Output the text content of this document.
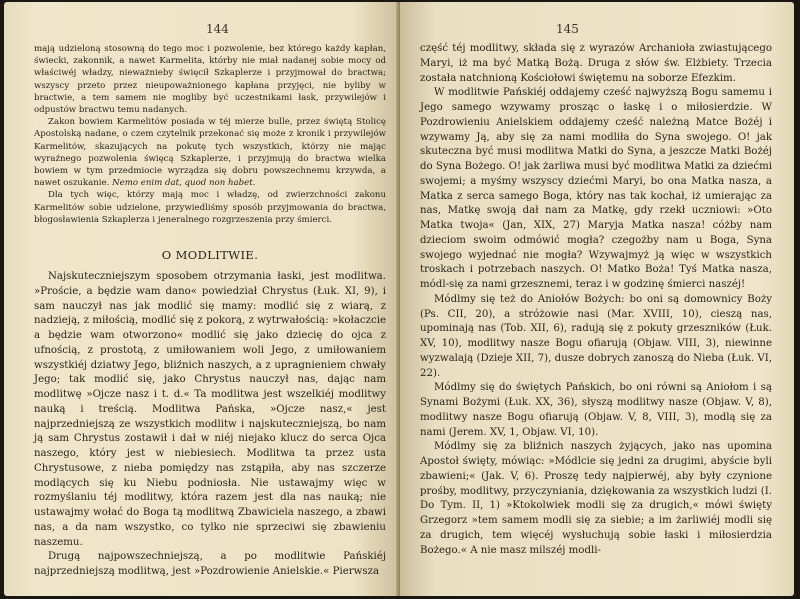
144

mają udzieloną stosowną do tego moc i pozwolenie, bez którego każdy kapłan, świecki, zakonnik, a nawet Karmelita, którby nie miał nadanej sobie mocy od właściwéj władzy, nieważnieby święcił Szkaplerze i przyjmował do bractwa; wszyscy przeto przez nieupoważnionego kapłana przyjęci, nie byliby w bractwie, a tem samem nie mogliby być uczestnikami łask, przywilejów i odpustów bractwu temu nadanych.

Zakon bowiem Karmelitów posiada w téj mierze bulle, przez świętą Stolicę Apostolską nadane, o czem czytelnik przekonać się może z kronik i przywilejów Karmelitów, skazujących na pokutę tych wszystkich, którzy nie mając wyraźnego pozwolenia święcą Szkaplerze, i przyjmują do bractwa wielka bowiem w tym przedmiocie wyrządza się dobru powszechnemu krzywda, a nawet oszukanie. Nemo enim dat, quod non habet.

Dla tych więc, którzy mają moc i władzę, od zwierzchności zakonu Karmelitów sobie udzielone, przywiedliśmy sposób przyjmowania do bractwa, błogosławienia Szkaplerza i jeneralnego rozgrzeszenia przy śmierci.

O MODLITWIE.

Najskuteczniejszym sposobem otrzymania łaski, jest modlitwa. »Proście, a będzie wam dano« powiedział Chrystus (Łuk. XI, 9), i sam nauczył nas jak modlić się mamy: modlić się z wiarą, z nadzieją, z miłością, modlić się z pokorą, z wytrwałością: »kołaczcie a będzie wam otworzono« modlić się jako dziecię do ojca z ufnością, z prostotą, z umiłowaniem woli Jego, z umiłowaniem wszystkiéj dziatwy Jego, bliźnich naszych, a z upragnieniem chwały Jego; tak modlić się, jako Chrystus nauczył nas, dając nam modlitwę »Ojcze nasz i t. d.« Ta modlitwa jest wszelkiéj modlitwy nauką i treścią. Modlitwa Pańska, »Ojcze nasz,« jest najprzedniejszą ze wszystkich modlitw i najskuteczniejszą, bo nam ją sam Chrystus zostawił i dał w niéj niejako klucz do serca Ojca naszego, który jest w niebiesiech. Modlitwa ta przez usta Chrystusowe, z nieba pomiędzy nas zstąpiła, aby nas szczerze modlących się ku Niebu podniosła. Nie ustawajmy więc w rozmyślaniu téj modlitwy, która razem jest dla nas nauką; nie ustawajmy wołać do Boga tą modlitwą Zbawiciela naszego, a zbawi nas, a da nam wszystko, co tylko nie sprzeciwi się zbawieniu naszemu.

Drugą najpowszechniejszą, a po modlitwie Pańskiéj najprzedniejszą modlitwą, jest »Pozdrowienie Anielskie.« Pierwsza

145

część téj modlitwy, składa się z wyrazów Archanioła zwiastującego Maryi, iż ma być Matką Bożą. Druga z słów św. Elżbiety. Trzecia została natchnioną Kościołowi świętemu na soborze Efezkim.

W modlitwie Pańskiéj oddajemy cześć najwyższą Bogu samemu i Jego samego wzywamy prosząc o łaskę i o miłosierdzie. W Pozdrowieniu Anielskiem oddajemy cześć należną Matce Bożéj i wzywamy Ją, aby się za nami modliła do Syna swojego. O! jak skuteczna być musi modlitwa Matki do Syna, a jeszcze Matki Bożéj do Syna Bożego. O! jak żarliwa musi być modlitwa Matki za dziećmi swojemi; a myśmy wszyscy dziećmi Maryi, bo ona Matka nasza, a Matka z serca samego Boga, który nas tak kochał, iż umierając za nas, Matkę swoją dał nam za Matkę, gdy rzekł uczniowi: »Oto Matka twoja« (Jan, XIX, 27) Maryja Matka nasza! cóżby nam dzieciom swoim odmówić mogła? czegożby nam u Boga, Syna swojego wyjednać nie mogła? Wzywajmyż ją więc w wszystkich troskach i potrzebach naszych. O! Matko Boża! Tyś Matka nasza, módl-się za nami grzesznemi, teraz i w godzinę śmierci naszéj!

Módlmy się też do Aniołów Bożych: bo oni są domownicy Boży (Ps. CII, 20), a stróżowie nasi (Mar. XVIII, 10), cieszą nas, upominają nas (Tob. XII, 6), radują się z pokuty grzeszników (Łuk. XV, 10), modlitwy nasze Bogu ofiarują (Objaw. VIII, 3), niewinne wyzwalają (Dzieje XII, 7), dusze dobrych zanoszą do Nieba (Łuk. VI, 22).

Módlmy się do świętych Pańskich, bo oni równi są Aniołom i są Synami Bożymi (Łuk. XX, 36), słyszą modlitwy nasze (Objaw. V, 8), modlitwy nasze Bogu ofiarują (Objaw. V, 8, VIII, 3), modlą się za nami (Jerem. XV, 1, Objaw. VI, 10).

Módlmy się za bliźnich naszych żyjących, jako nas upomina Apostoł święty, mówiąc: »Módlcie się jedni za drugimi, abyście byli zbawieni;« (Jak. V, 6). Proszę tedy najpierwéj, aby były czynione prośby, modlitwy, przyczyniania, dziękowania za wszystkich ludzi (I. Do Tym. II, 1) »Ktokolwiek modli się za drugich,« mówi święty Grzegorz »tem samem modli się za siebie; a im żarliwiéj modli się za drugich, tem więcéj wysłuchują sobie łaski i miłosierdzia Bożego.« A nie masz milszéj modli-
